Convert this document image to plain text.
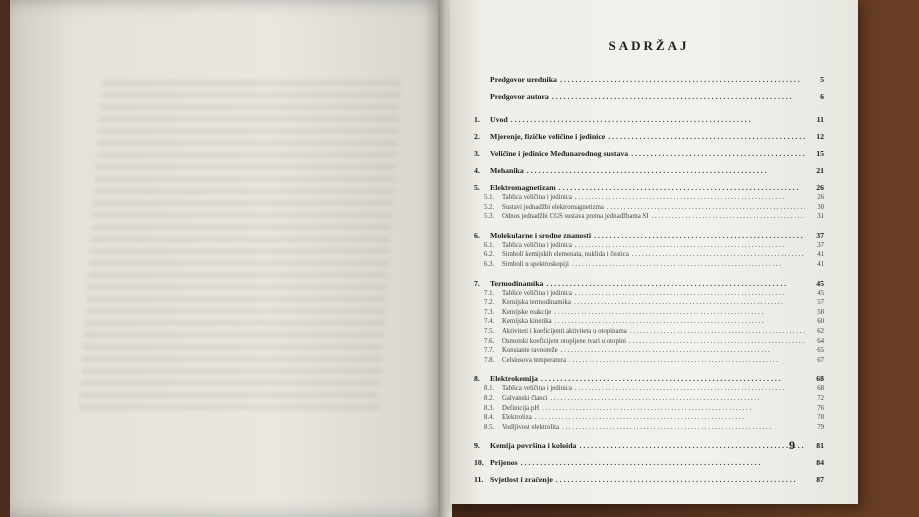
SADRŽAJ
Predgovor urednika . . .	5
Predgovor autora . . .	6
1.	Uvod . . .	11
2.	Mjerenje, fizičke veličine i jedinice . . .	12
3.	Veličine i jedinice Međunarodnog sustava . . .	15
4.	Mehanika . . .	21
5.	Elektromagnetizam . . .	26
5.1.	Tablica veličina i jedinica . . .	26
5.2.	Sustavi jednadžbi elektromagnetizma . . .	30
5.3.	Odnos jednadžbi CGS sustava prema jednadžbama SI . . .	31
6.	Molekularne i srodne znanosti . . .	37
6.1.	Tablica veličina i jedinica . . .	37
6.2.	Simboli kemijskih elemenata, nuklida i čestica . . .	41
6.3.	Simboli u spektroskopiji . . .	41
7.	Termodinamika . . .	45
7.1.	Tablice veličina i jedinica . . .	45
7.2.	Kemijska termodinamika . . .	57
7.3.	Kemijske reakcije . . .	58
7.4.	Kemijska kinetika . . .	60
7.5.	Aktiviteti i koeficijenti aktiviteta u otopinama . . .	62
7.6.	Osmotski koeficijent otopljene tvari u otopini . . .	64
7.7.	Konstante ravnoteže . . .	65
7.8.	Celsiusova temperatura . . .	67
8.	Elektrokemija . . .	68
8.1.	Tablica veličina i jedinica . . .	68
8.2.	Galvanski članci . . .	72
8.3.	Definicija pH . . .	76
8.4.	Elektroliza . . .	78
8.5.	Vodljivost elektrolita . . .	79
9.	Kemija površina i koloida . . .	81
10. Prijenos . . .	84
11. Svjetlost i zračenje . . .	87
9
